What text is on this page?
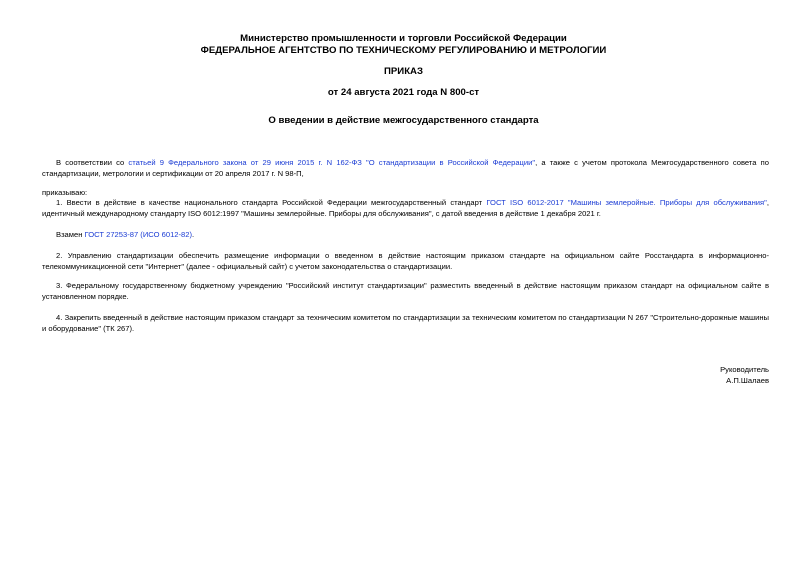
Министерство промышленности и торговли Российской Федерации
ФЕДЕРАЛЬНОЕ АГЕНТСТВО ПО ТЕХНИЧЕСКОМУ РЕГУЛИРОВАНИЮ И МЕТРОЛОГИИ
ПРИКАЗ
от 24 августа 2021 года N 800-ст
О введении в действие межгосударственного стандарта
В соответствии со статьей 9 Федерального закона от 29 июня 2015 г. N 162-ФЗ "О стандартизации в Российской Федерации", а также с учетом протокола Межгосударственного совета по стандартизации, метрологии и сертификации от 20 апреля 2017 г. N 98-П,
приказываю:
1. Ввести в действие в качестве национального стандарта Российской Федерации межгосударственный стандарт ГОСТ ISO 6012-2017 "Машины землеройные. Приборы для обслуживания", идентичный международному стандарту ISO 6012:1997 "Машины землеройные. Приборы для обслуживания", с датой введения в действие 1 декабря 2021 г.
Взамен ГОСТ 27253-87 (ИСО 6012-82).
2. Управлению стандартизации обеспечить размещение информации о введенном в действие настоящим приказом стандарте на официальном сайте Росстандарта в информационно-телекоммуникационной сети "Интернет" (далее - официальный сайт) с учетом законодательства о стандартизации.
3. Федеральному государственному бюджетному учреждению "Российский институт стандартизации" разместить введенный в действие настоящим приказом стандарт на официальном сайте в установленном порядке.
4. Закрепить введенный в действие настоящим приказом стандарт за техническим комитетом по стандартизации за техническим комитетом по стандартизации N 267 "Строительно-дорожные машины и оборудование" (ТК 267).
Руководитель
А.П.Шалаев
